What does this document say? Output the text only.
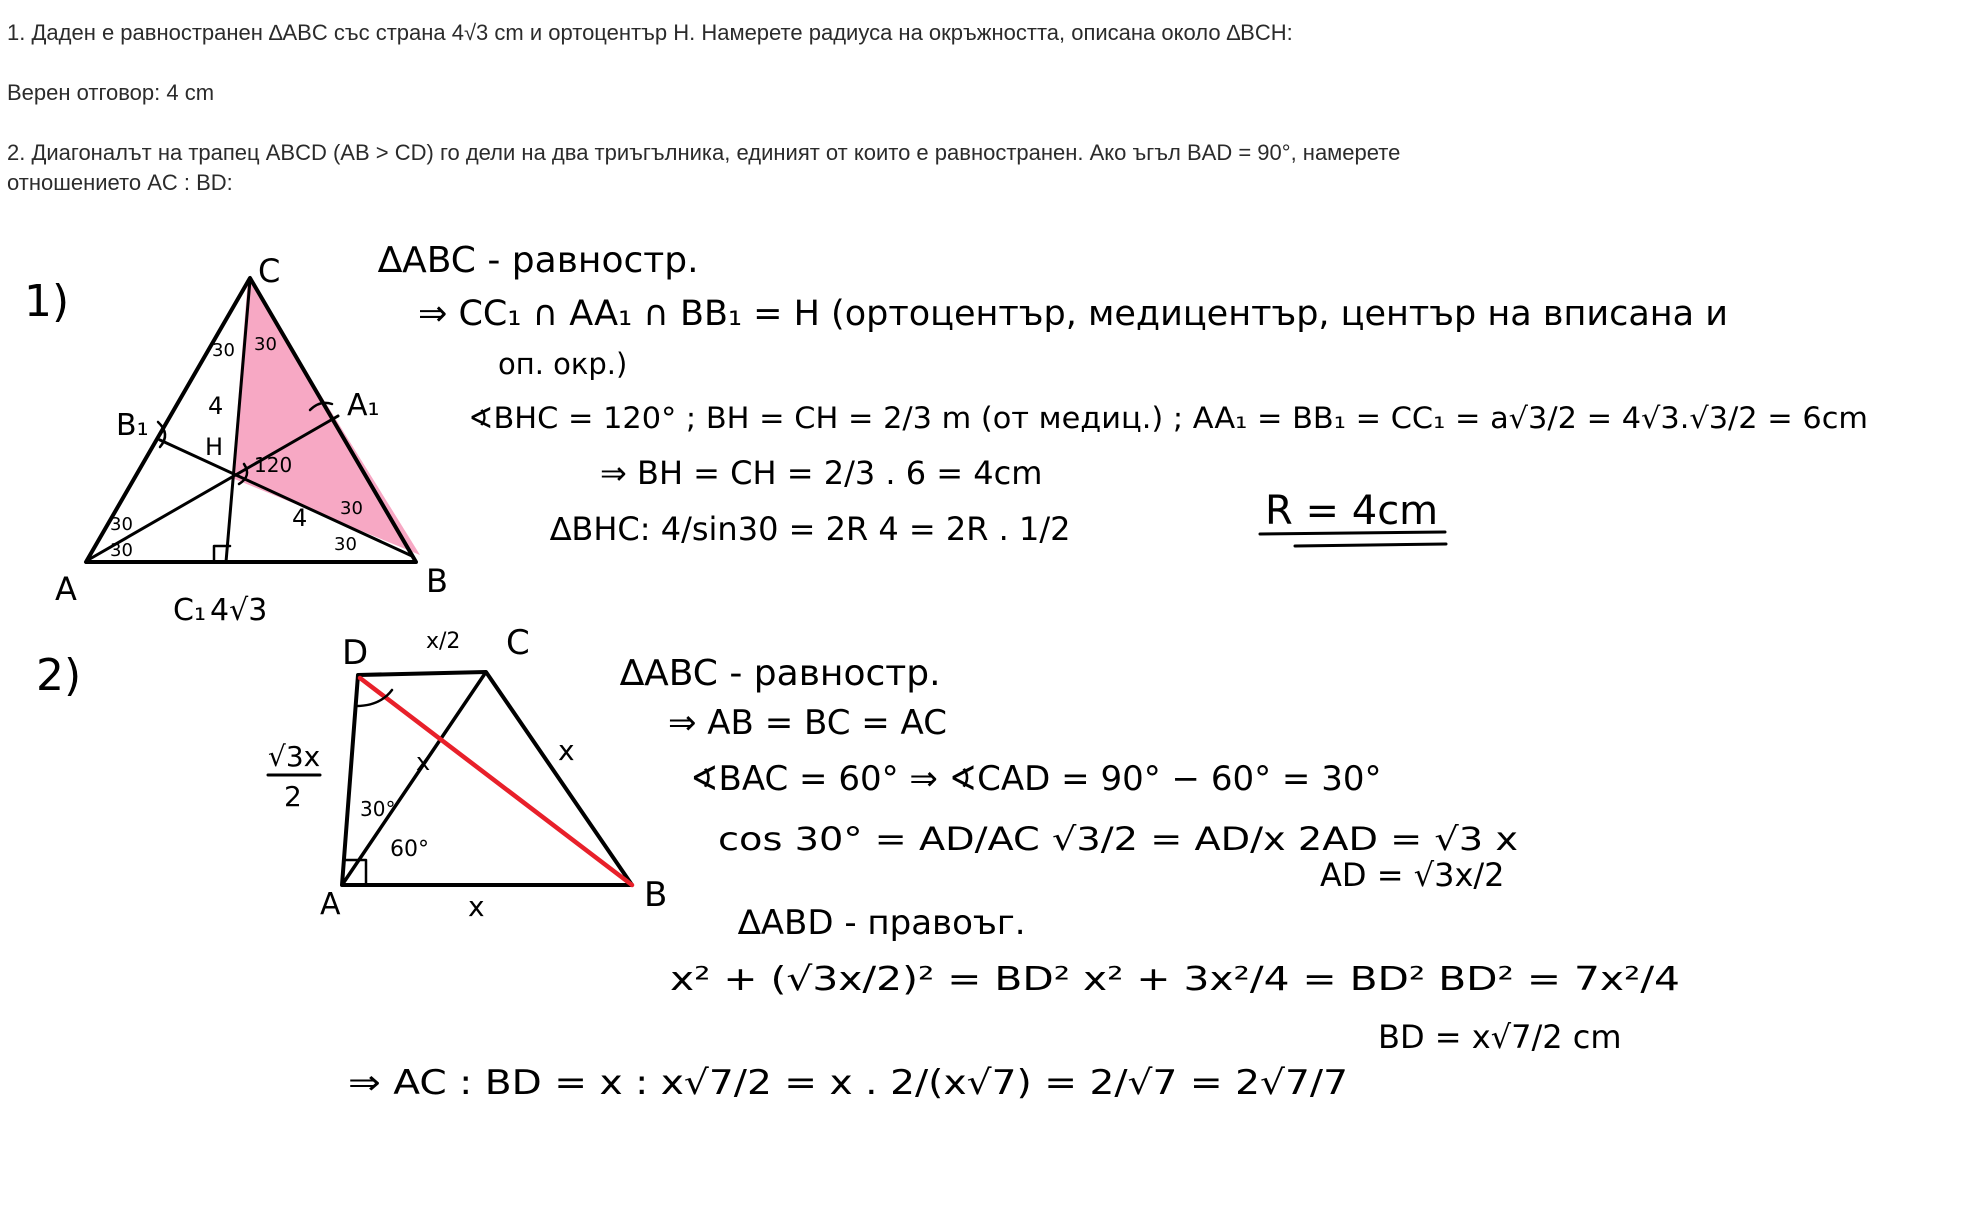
1. Даден е равностранен ∆ABC със страна 4√3 cm и ортоцентър H. Намерете радиуса на окръжността, описана около ∆BCH:

Верен отговор: 4 cm

2. Диагоналът на трапец ABCD (AB > CD) го дели на два триъгълника, единият от които е равностранен. Ако ъгъл BAD = 90°, намерете

отношението AC : BD:

C
A	B
A₁
B₁
H
C₁ 4√3
4
4
120
30 30
30
30
30
30
1)
∆ABC - равностр.
⇒ CC₁ ∩ AA₁ ∩ BB₁ = H (ортоцентър, медицентър, център на вписана и
оп. окр.)
∢BHC = 120° ; BH = CH = 2/3 m (от медиц.) ; AA₁ = BB₁ = CC₁ = a√3/2 = 4√3.√3/2 = 6cm
⇒ BH = CH = 2/3 . 6 = 4cm
∆BHC: 4/sin30 = 2R 4 = 2R . 1/2	R = 4cm
D	C
A	B
x/2
√3x
2
x
x
x
30°
60°
2)	∆ABC - равностр.
⇒ AB = BC = AC
∢BAC = 60° ⇒ ∢CAD = 90° − 60° = 30°
cos 30° = AD/AC √3/2 = AD/x 2AD = √3 x
AD = √3x/2
∆ABD - правоъг.
x² + (√3x/2)² = BD² x² + 3x²/4 = BD² BD² = 7x²/4
BD = x√7/2 cm
⇒ AC : BD = x : x√7/2 = x . 2/(x√7) = 2/√7 = 2√7/7
